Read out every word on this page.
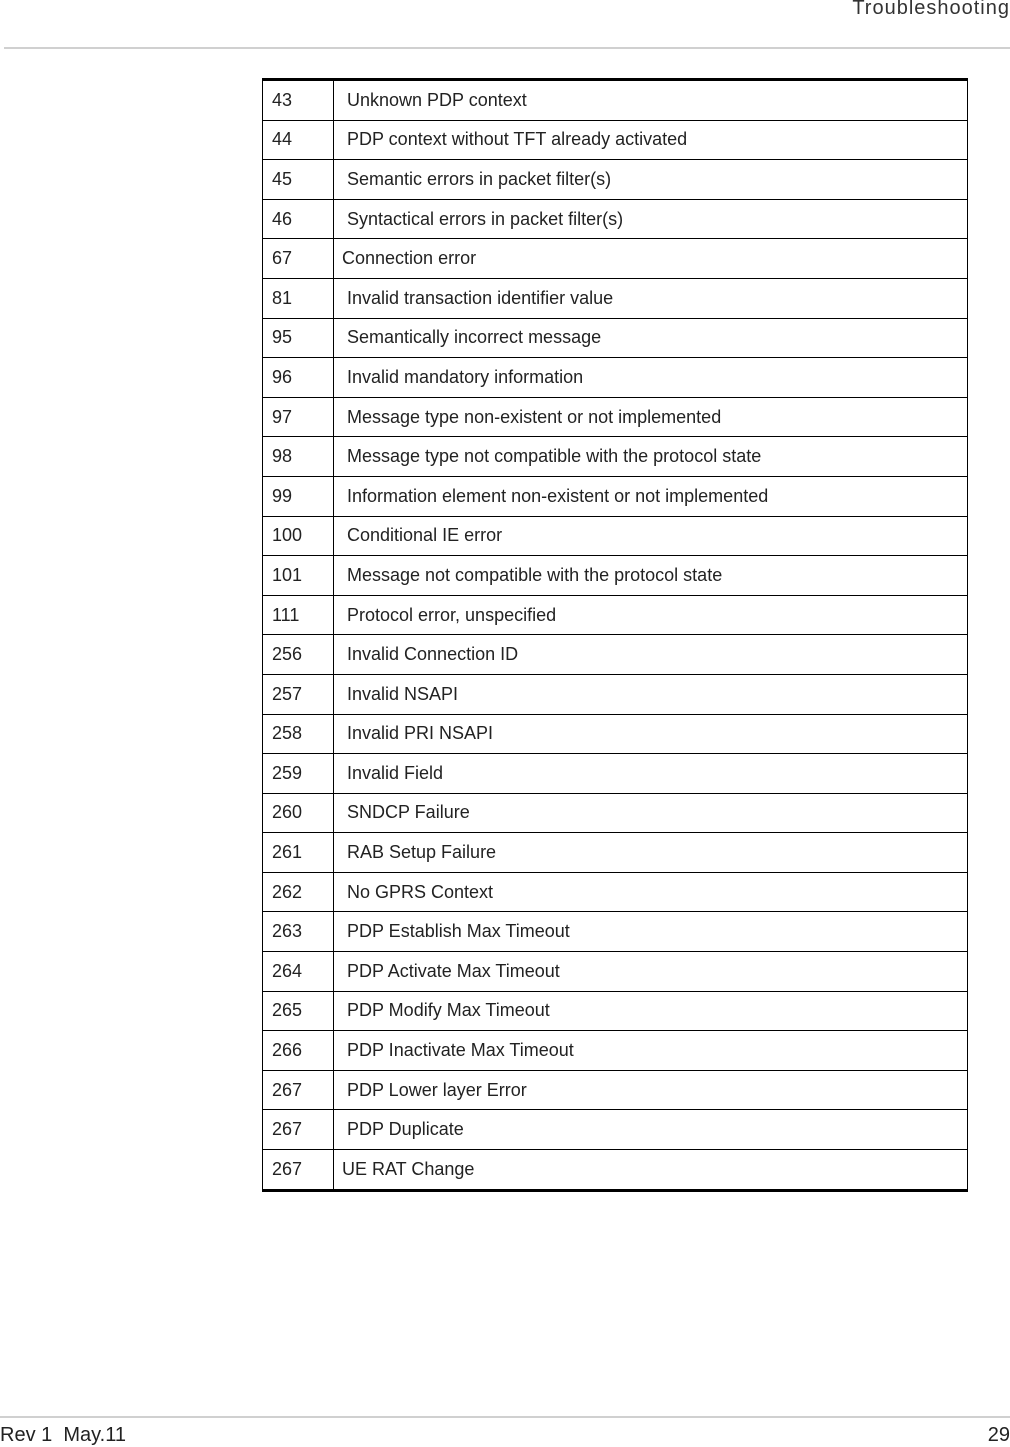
Troubleshooting
43	Unknown PDP context
44	PDP context without TFT already activated
45	Semantic errors in packet filter(s)
46	Syntactical errors in packet filter(s)
67	Connection error
81	Invalid transaction identifier value
95	Semantically incorrect message
96	Invalid mandatory information
97	Message type non-existent or not implemented
98	Message type not compatible with the protocol state
99	Information element non-existent or not implemented
100	Conditional IE error
101	Message not compatible with the protocol state
111	Protocol error, unspecified
256	Invalid Connection ID
257	Invalid NSAPI
258	Invalid PRI NSAPI
259	Invalid Field
260	SNDCP Failure
261	RAB Setup Failure
262	No GPRS Context
263	PDP Establish Max Timeout
264	PDP Activate Max Timeout
265	PDP Modify Max Timeout
266	PDP Inactivate Max Timeout
267	PDP Lower layer Error
267	PDP Duplicate
267	UE RAT Change
Rev 1  May.11	29
